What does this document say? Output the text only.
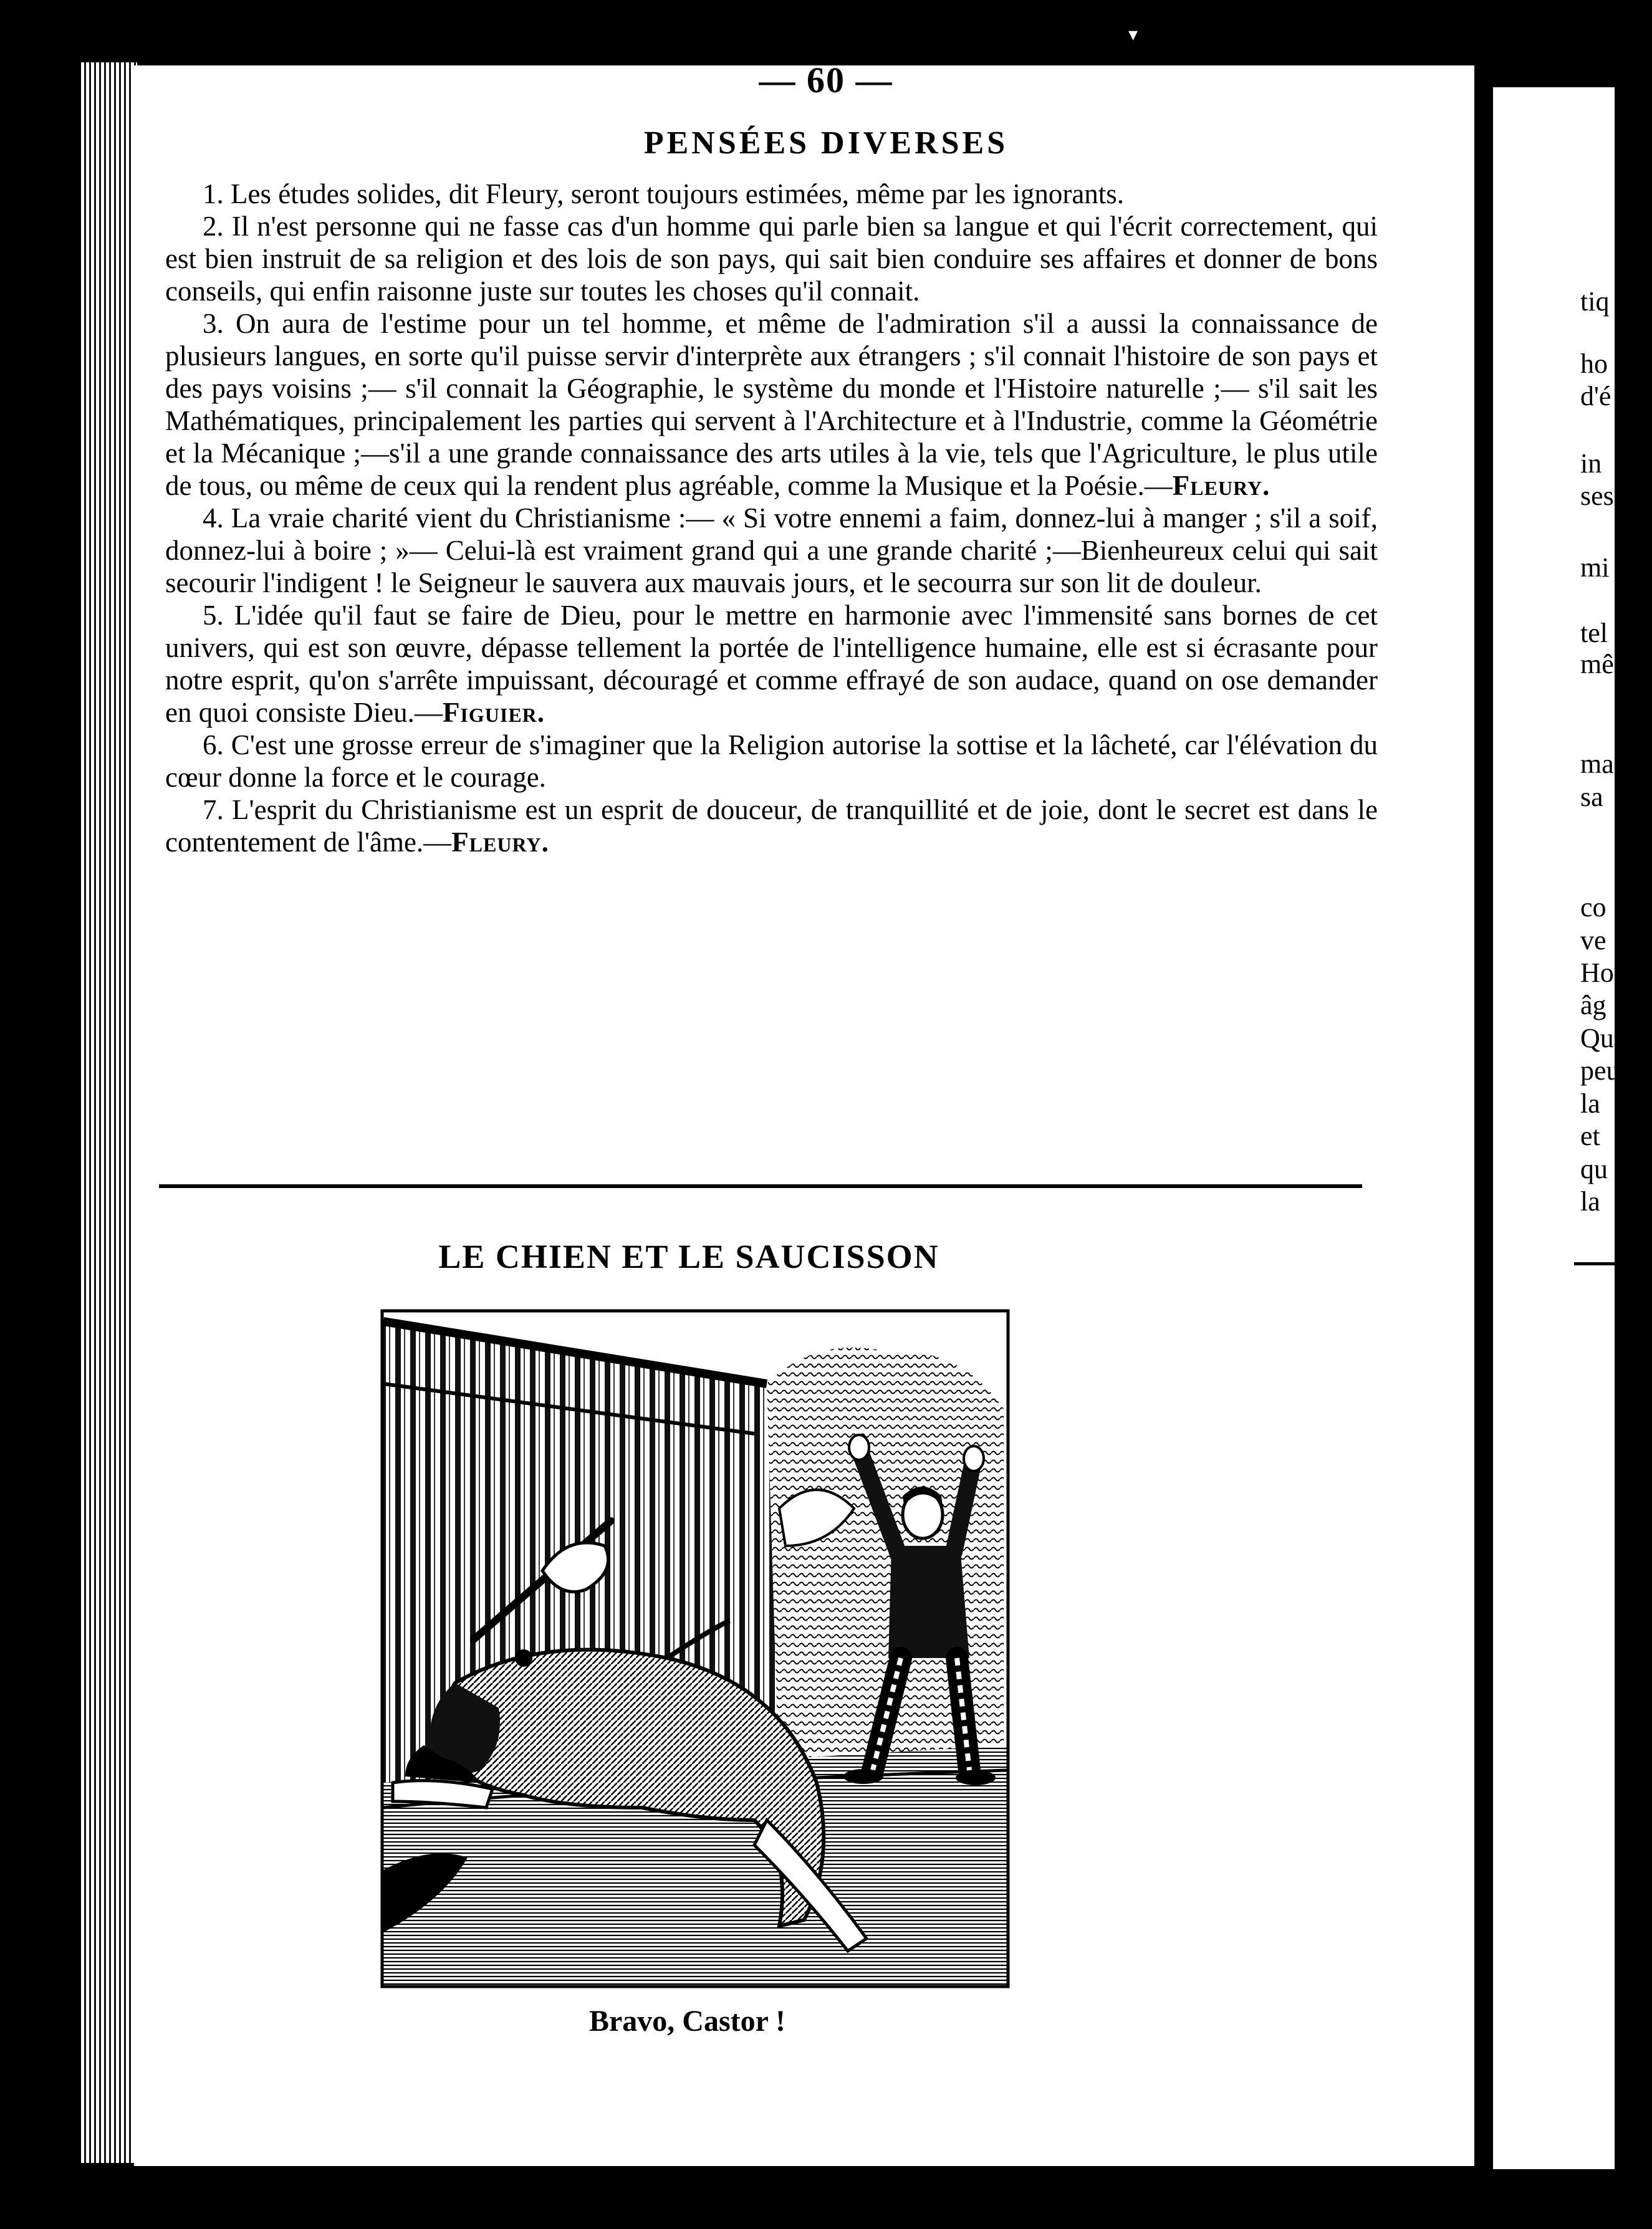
▾
tiq
ho
d'é
in
ses
mi
tel
mê
ma
sa
co
ve
Ho
âg
Qu
peu
la
et
qu
la
— 60 —
PENSÉES DIVERSES

1. Les études solides, dit Fleury, seront toujours estimées, même par les ignorants.

2. Il n'est personne qui ne fasse cas d'un homme qui parle bien sa langue et qui l'écrit correctement, qui est bien instruit de sa religion et des lois de son pays, qui sait bien conduire ses affaires et donner de bons conseils, qui enfin raisonne juste sur toutes les choses qu'il connait.

3. On aura de l'estime pour un tel homme, et même de l'admiration s'il a aussi la connaissance de plusieurs langues, en sorte qu'il puisse servir d'interprète aux étrangers ; s'il connait l'histoire de son pays et des pays voisins ;— s'il connait la Géographie, le système du monde et l'Histoire naturelle ;— s'il sait les Mathématiques, principalement les parties qui servent à l'Architecture et à l'Industrie, comme la Géométrie et la Mécanique ;—s'il a une grande connaissance des arts utiles à la vie, tels que l'Agriculture, le plus utile de tous, ou même de ceux qui la rendent plus agréable, comme la Musique et la Poésie.—Fleury.

4. La vraie charité vient du Christianisme :— « Si votre ennemi a faim, donnez-lui à manger ; s'il a soif, donnez-lui à boire ; »— Celui-là est vraiment grand qui a une grande charité ;—Bienheureux celui qui sait secourir l'indigent ! le Seigneur le sauvera aux mauvais jours, et le secourra sur son lit de douleur.

5. L'idée qu'il faut se faire de Dieu, pour le mettre en harmonie avec l'immensité sans bornes de cet univers, qui est son œuvre, dépasse tellement la portée de l'intelligence humaine, elle est si écrasante pour notre esprit, qu'on s'arrête impuissant, découragé et comme effrayé de son audace, quand on ose demander en quoi consiste Dieu.—Figuier.

6. C'est une grosse erreur de s'imaginer que la Religion autorise la sottise et la lâcheté, car l'élévation du cœur donne la force et le courage.

7. L'esprit du Christianisme est un esprit de douceur, de tranquillité et de joie, dont le secret est dans le contentement de l'âme.—Fleury.

LE CHIEN ET LE SAUCISSON
Bravo, Castor !
